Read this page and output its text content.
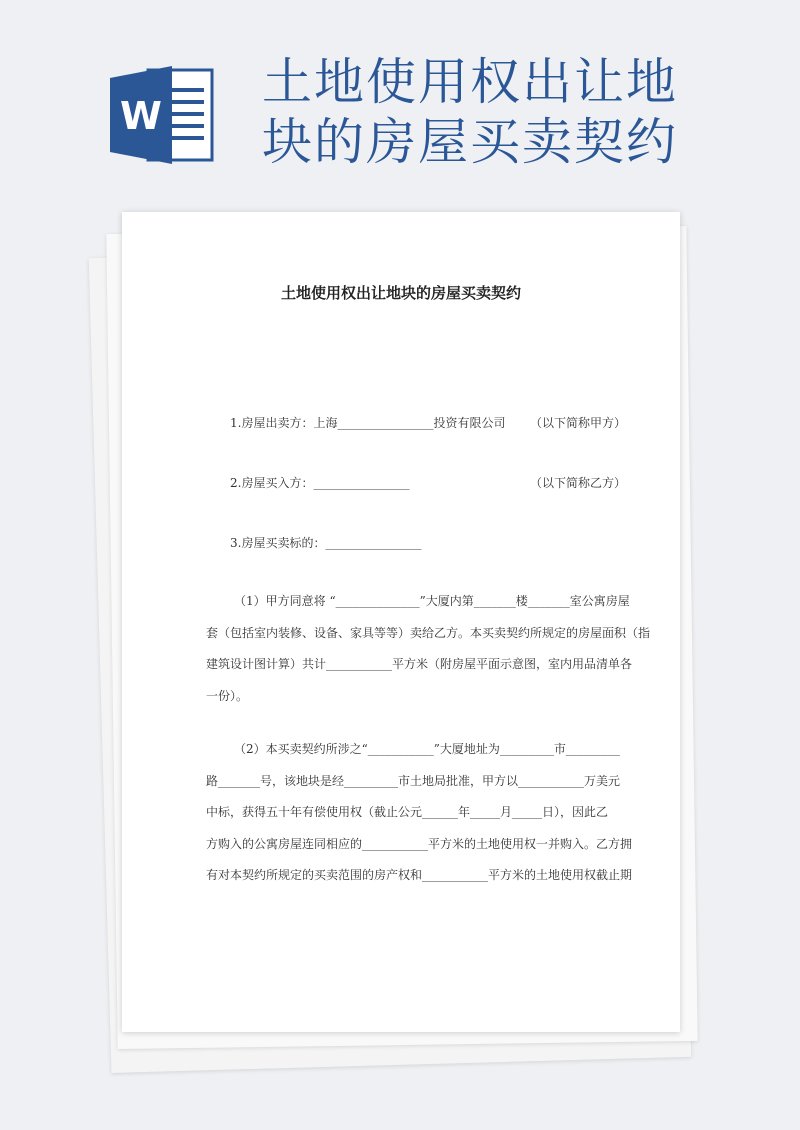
W
土地使用权出让地
块的房屋买卖契约
土地使用权出让地块的房屋买卖契约
1.房屋出卖方：上海________________投资有限公司 （以下简称甲方）
2.房屋买入方：________________	（以下简称乙方）
3.房屋买卖标的：________________
（1）甲方同意将 “______________”大厦内第_______楼_______室公寓房屋
套（包括室内装修、设备、家具等等）卖给乙方。本买卖契约所规定的房屋面积（指
建筑设计图计算）共计___________平方米（附房屋平面示意图，室内用品清单各
一份）。
（2）本买卖契约所涉之“___________”大厦地址为_________市_________
路_______号，该地块是经_________市土地局批准，甲方以___________万美元
中标，获得五十年有偿使用权（截止公元______年_____月_____日），因此乙
方购入的公寓房屋连同相应的___________平方米的土地使用权一并购入。乙方拥
有对本契约所规定的买卖范围的房产权和___________平方米的土地使用权截止期
